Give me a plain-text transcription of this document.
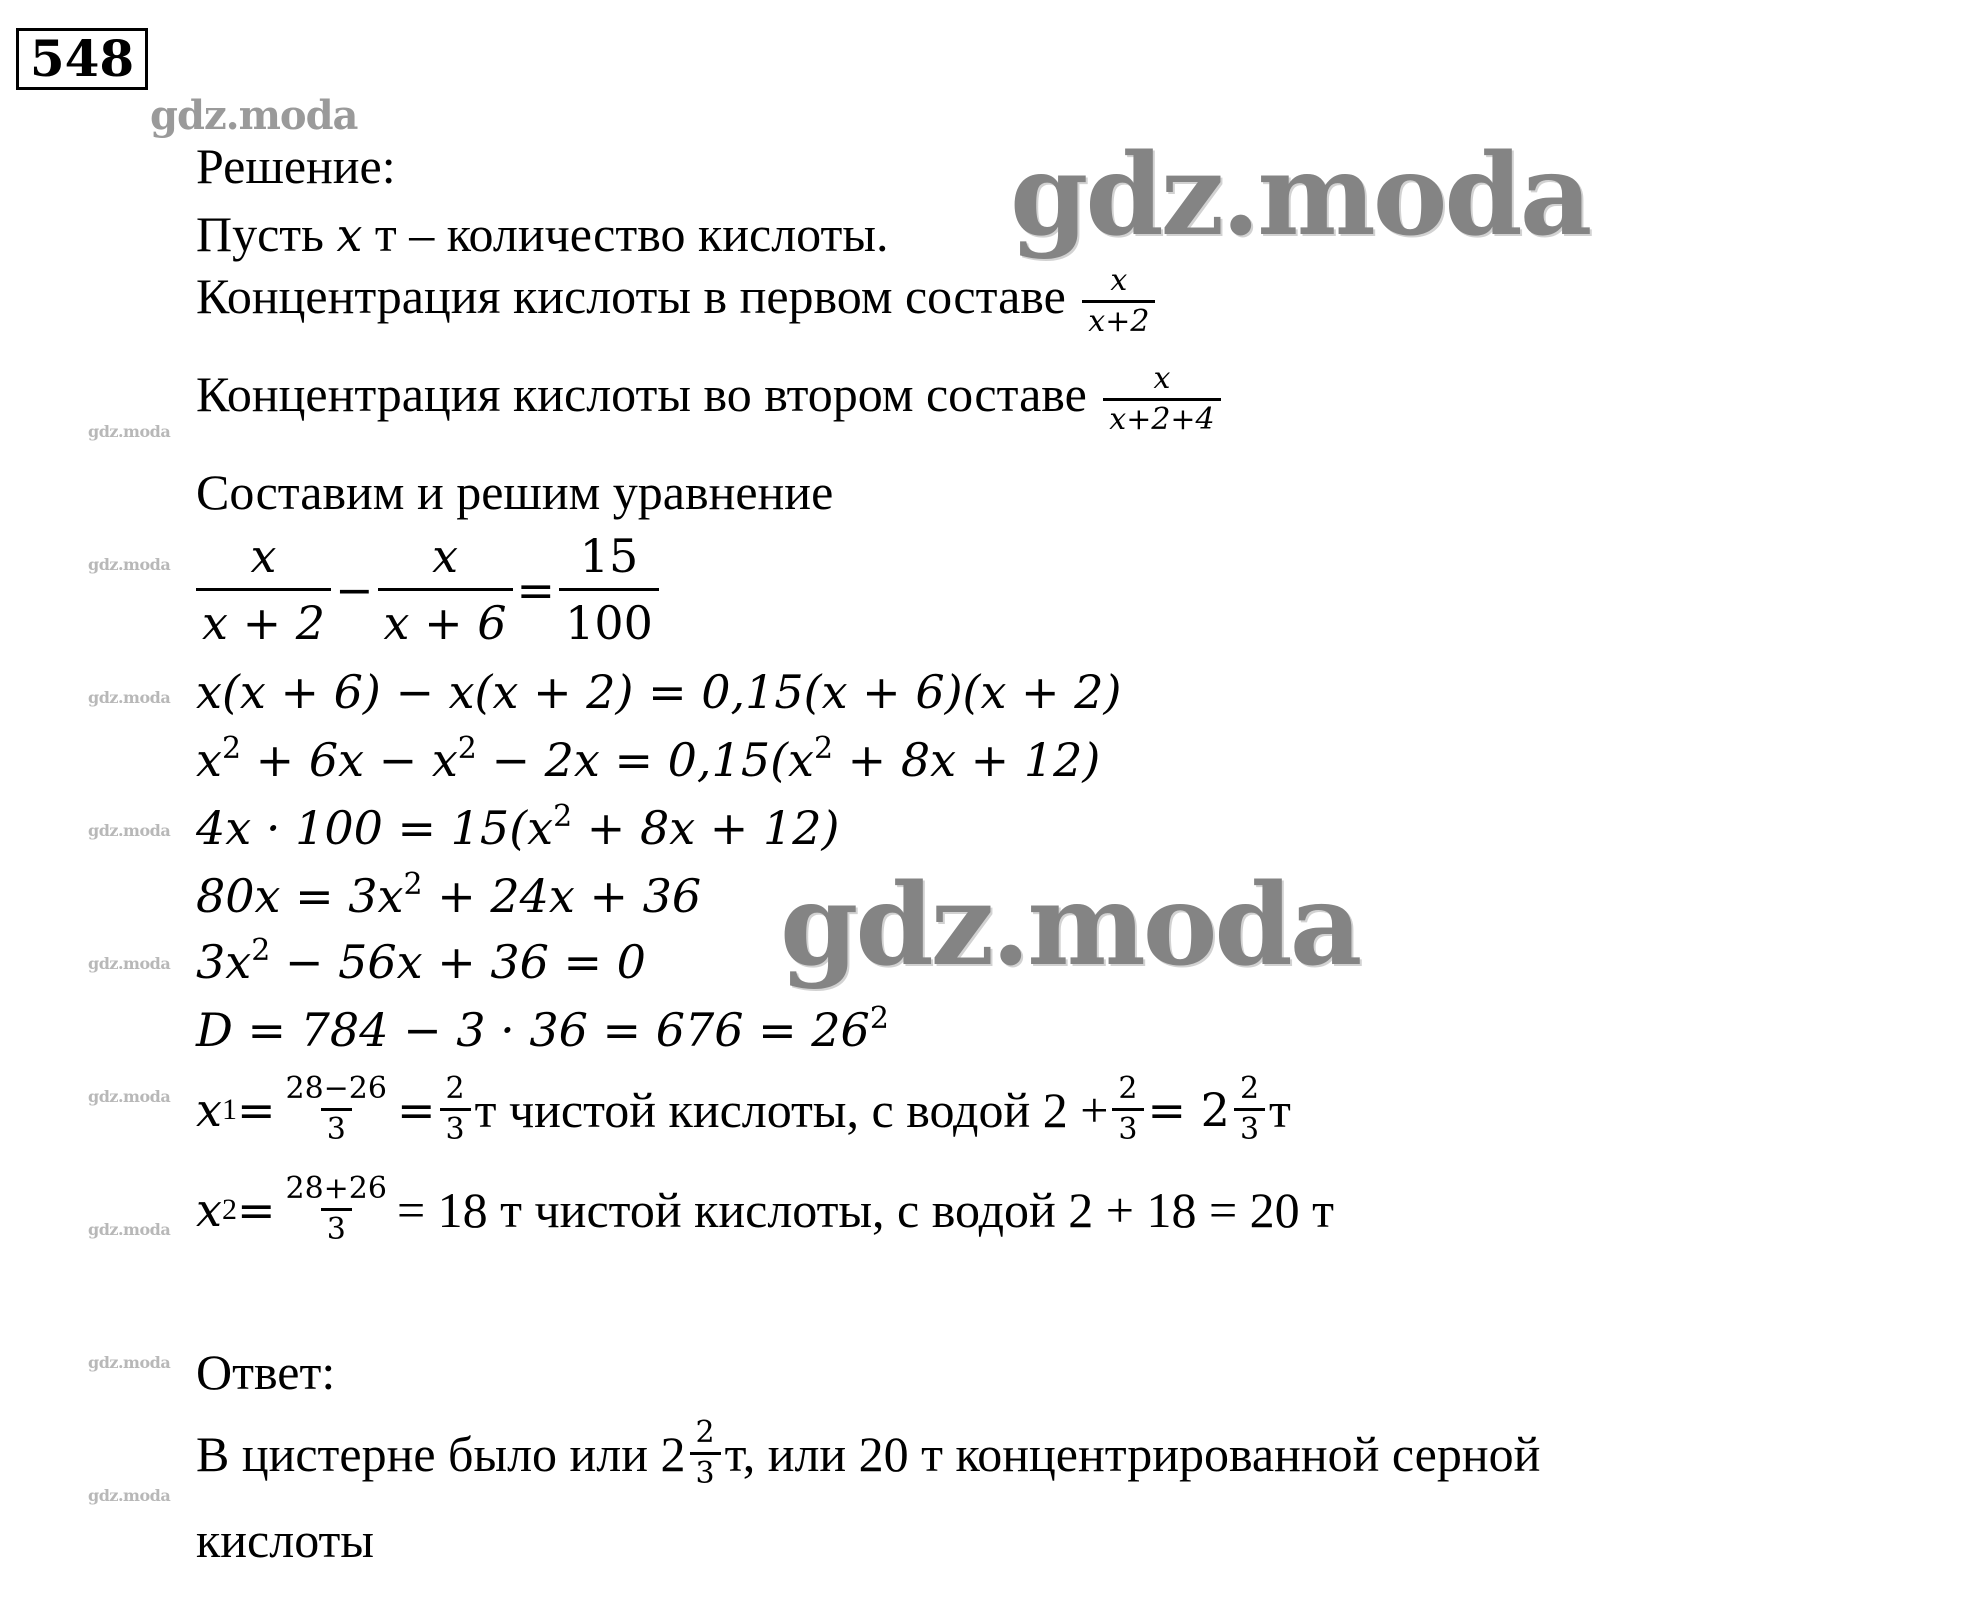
548
gdz.moda
gdz.moda
gdz.moda
gdz.moda
gdz.moda
gdz.moda
gdz.moda
gdz.moda
gdz.moda
gdz.moda
gdz.moda
gdz.moda
Решение:
Пусть x т – количество кислоты.
Концентрация кислоты в первом составе $\frac{x}{x+2}$
Концентрация кислоты во втором составе $\frac{x}{x+2+4}$
Составим и решим уравнение
$\frac{x}{x + 2} - \frac{x}{x + 6} = \frac{15}{100}$
x(x + 6) − x(x + 2) = 0,15(x + 6)(x + 2)
$x^2 + 6x - x^2 - 2x = 0,15(x^2 + 8x + 12)$
$4x \cdot 100 = 15(x^2 + 8x + 12)$
$80x = 3x^2 + 24x + 36$
$3x^2 - 56x + 36 = 0$
$D = 784 - 3 \cdot 36 = 676 = 26^2$
x $1 = \frac{28-26}{3} = \frac{2}{3}$ т чистой кислоты, с водой $2 + \frac{2}{3} = 2 \frac{2}{3}$ т
x $2 = \frac{28+26}{3} = 18$ т чистой кислоты, с водой 2 + 18 = 20 т
Ответ:
В цистерне было или $2 \frac{2}{3} т$, или 20 т концентрированной серной
кислоты
